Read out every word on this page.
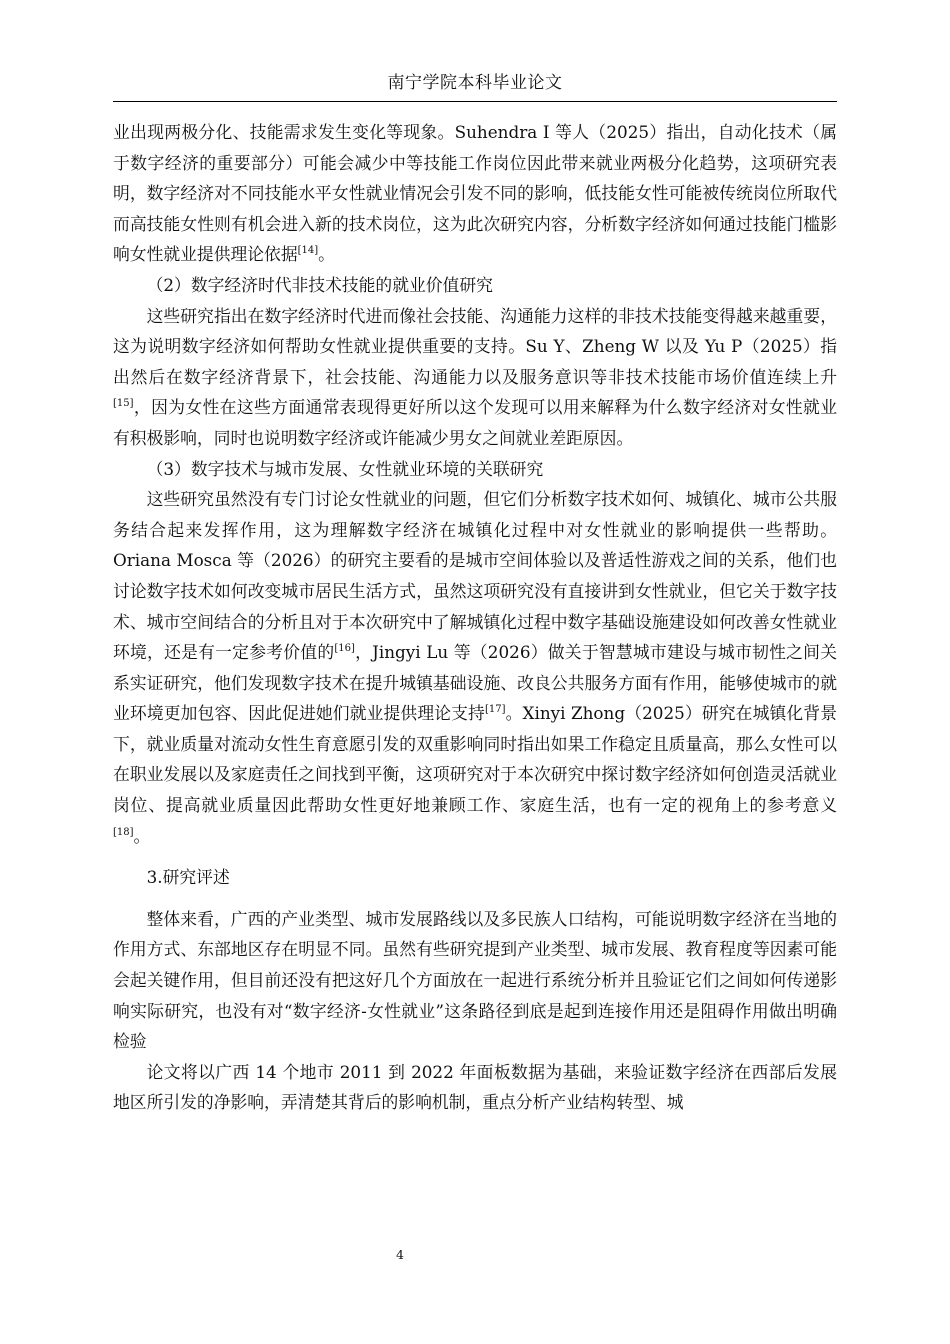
南宁学院本科毕业论文

业出现两极分化、技能需求发生变化等现象。Suhendra I 等人（2025）指出，自动化技术（属于数字经济的重要部分）可能会减少中等技能工作岗位因此带来就业两极分化趋势，这项研究表明，数字经济对不同技能水平女性就业情况会引发不同的影响，低技能女性可能被传统岗位所取代而高技能女性则有机会进入新的技术岗位，这为此次研究内容，分析数字经济如何通过技能门槛影响女性就业提供理论依据[14]。

（2）数字经济时代非技术技能的就业价值研究

这些研究指出在数字经济时代进而像社会技能、沟通能力这样的非技术技能变得越来越重要，这为说明数字经济如何帮助女性就业提供重要的支持。Su Y、Zheng W 以及 Yu P（2025）指出然后在数字经济背景下，社会技能、沟通能力以及服务意识等非技术技能市场价值连续上升[15]，因为女性在这些方面通常表现得更好所以这个发现可以用来解释为什么数字经济对女性就业有积极影响，同时也说明数字经济或许能减少男女之间就业差距原因。

（3）数字技术与城市发展、女性就业环境的关联研究

这些研究虽然没有专门讨论女性就业的问题，但它们分析数字技术如何、城镇化、城市公共服务结合起来发挥作用，这为理解数字经济在城镇化过程中对女性就业的影响提供一些帮助。Oriana Mosca 等（2026）的研究主要看的是城市空间体验以及普适性游戏之间的关系，他们也讨论数字技术如何改变城市居民生活方式，虽然这项研究没有直接讲到女性就业，但它关于数字技术、城市空间结合的分析且对于本次研究中了解城镇化过程中数字基础设施建设如何改善女性就业环境，还是有一定参考价值的[16]，Jingyi Lu 等（2026）做关于智慧城市建设与城市韧性之间关系实证研究，他们发现数字技术在提升城镇基础设施、改良公共服务方面有作用，能够使城市的就业环境更加包容、因此促进她们就业提供理论支持[17]。Xinyi Zhong（2025）研究在城镇化背景下，就业质量对流动女性生育意愿引发的双重影响同时指出如果工作稳定且质量高，那么女性可以在职业发展以及家庭责任之间找到平衡，这项研究对于本次研究中探讨数字经济如何创造灵活就业岗位、提高就业质量因此帮助女性更好地兼顾工作、家庭生活，也有一定的视角上的参考意义[18]。

3.研究评述

整体来看，广西的产业类型、城市发展路线以及多民族人口结构，可能说明数字经济在当地的作用方式、东部地区存在明显不同。虽然有些研究提到产业类型、城市发展、教育程度等因素可能会起关键作用，但目前还没有把这好几个方面放在一起进行系统分析并且验证它们之间如何传递影响实际研究，也没有对“数字经济-女性就业”这条路径到底是起到连接作用还是阻碍作用做出明确检验

论文将以广西 14 个地市 2011 到 2022 年面板数据为基础，来验证数字经济在西部后发展地区所引发的净影响，弄清楚其背后的影响机制，重点分析产业结构转型、城

4
